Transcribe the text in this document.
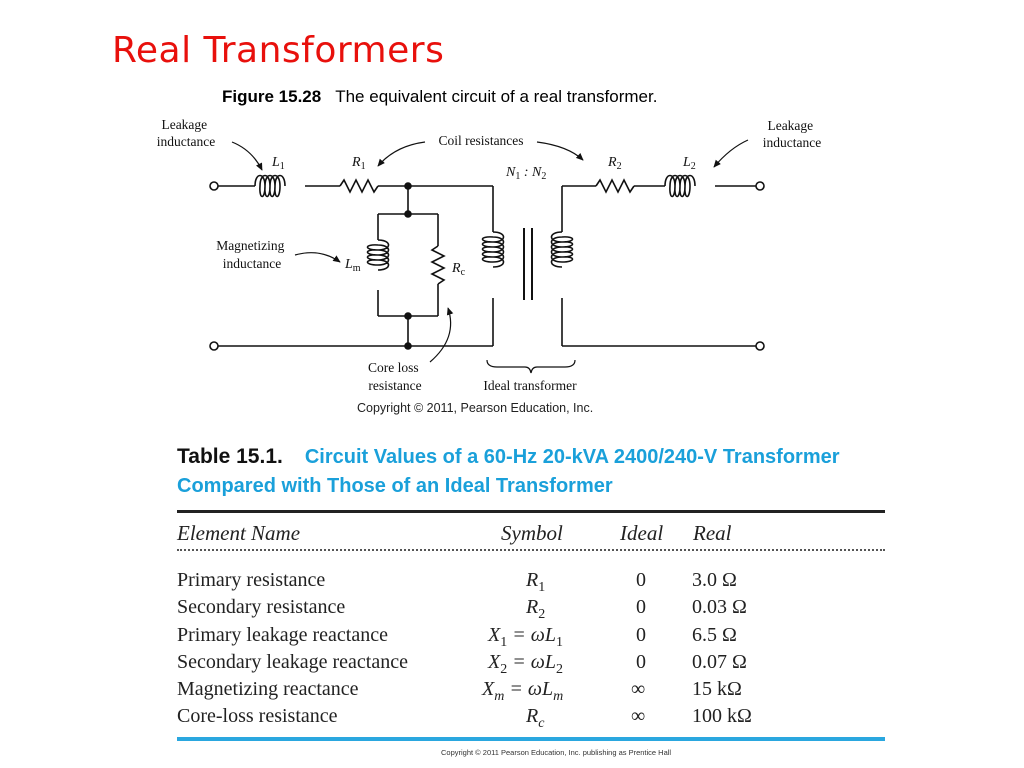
Real Transformers
Figure 15.28 The equivalent circuit of a real transformer.
Leakage inductance	Coil resistances
Leakage inductance
Magnetizing inductance
Core loss resistance	Ideal transformer
$L_1$	$R_1$	$R_2$	$L_2$
$L_m$	$R_c$
$N_1$ : $N_2$
Copyright © 2011, Pearson Education, Inc.
Table 15.1. Circuit Values of a 60-Hz 20-kVA 2400/240-V Transformer Compared with Those of an Ideal Transformer
Element Name	Symbol	Ideal Real
Primary resistance	$R_1$	0 3.0 Ω
Secondary resistance	$R_2$	0 0.03 Ω
Primary leakage reactance	$X_1 = \omega L_1$	0 6.5 Ω
Secondary leakage reactance	$X_2 = \omega L_2$	0 0.07 Ω
Magnetizing reactance	$X_m = \omega L_m$	∞ 15 kΩ
Core-loss resistance	$R_c$	∞ 100 kΩ
Copyright © 2011 Pearson Education, Inc. publishing as Prentice Hall
